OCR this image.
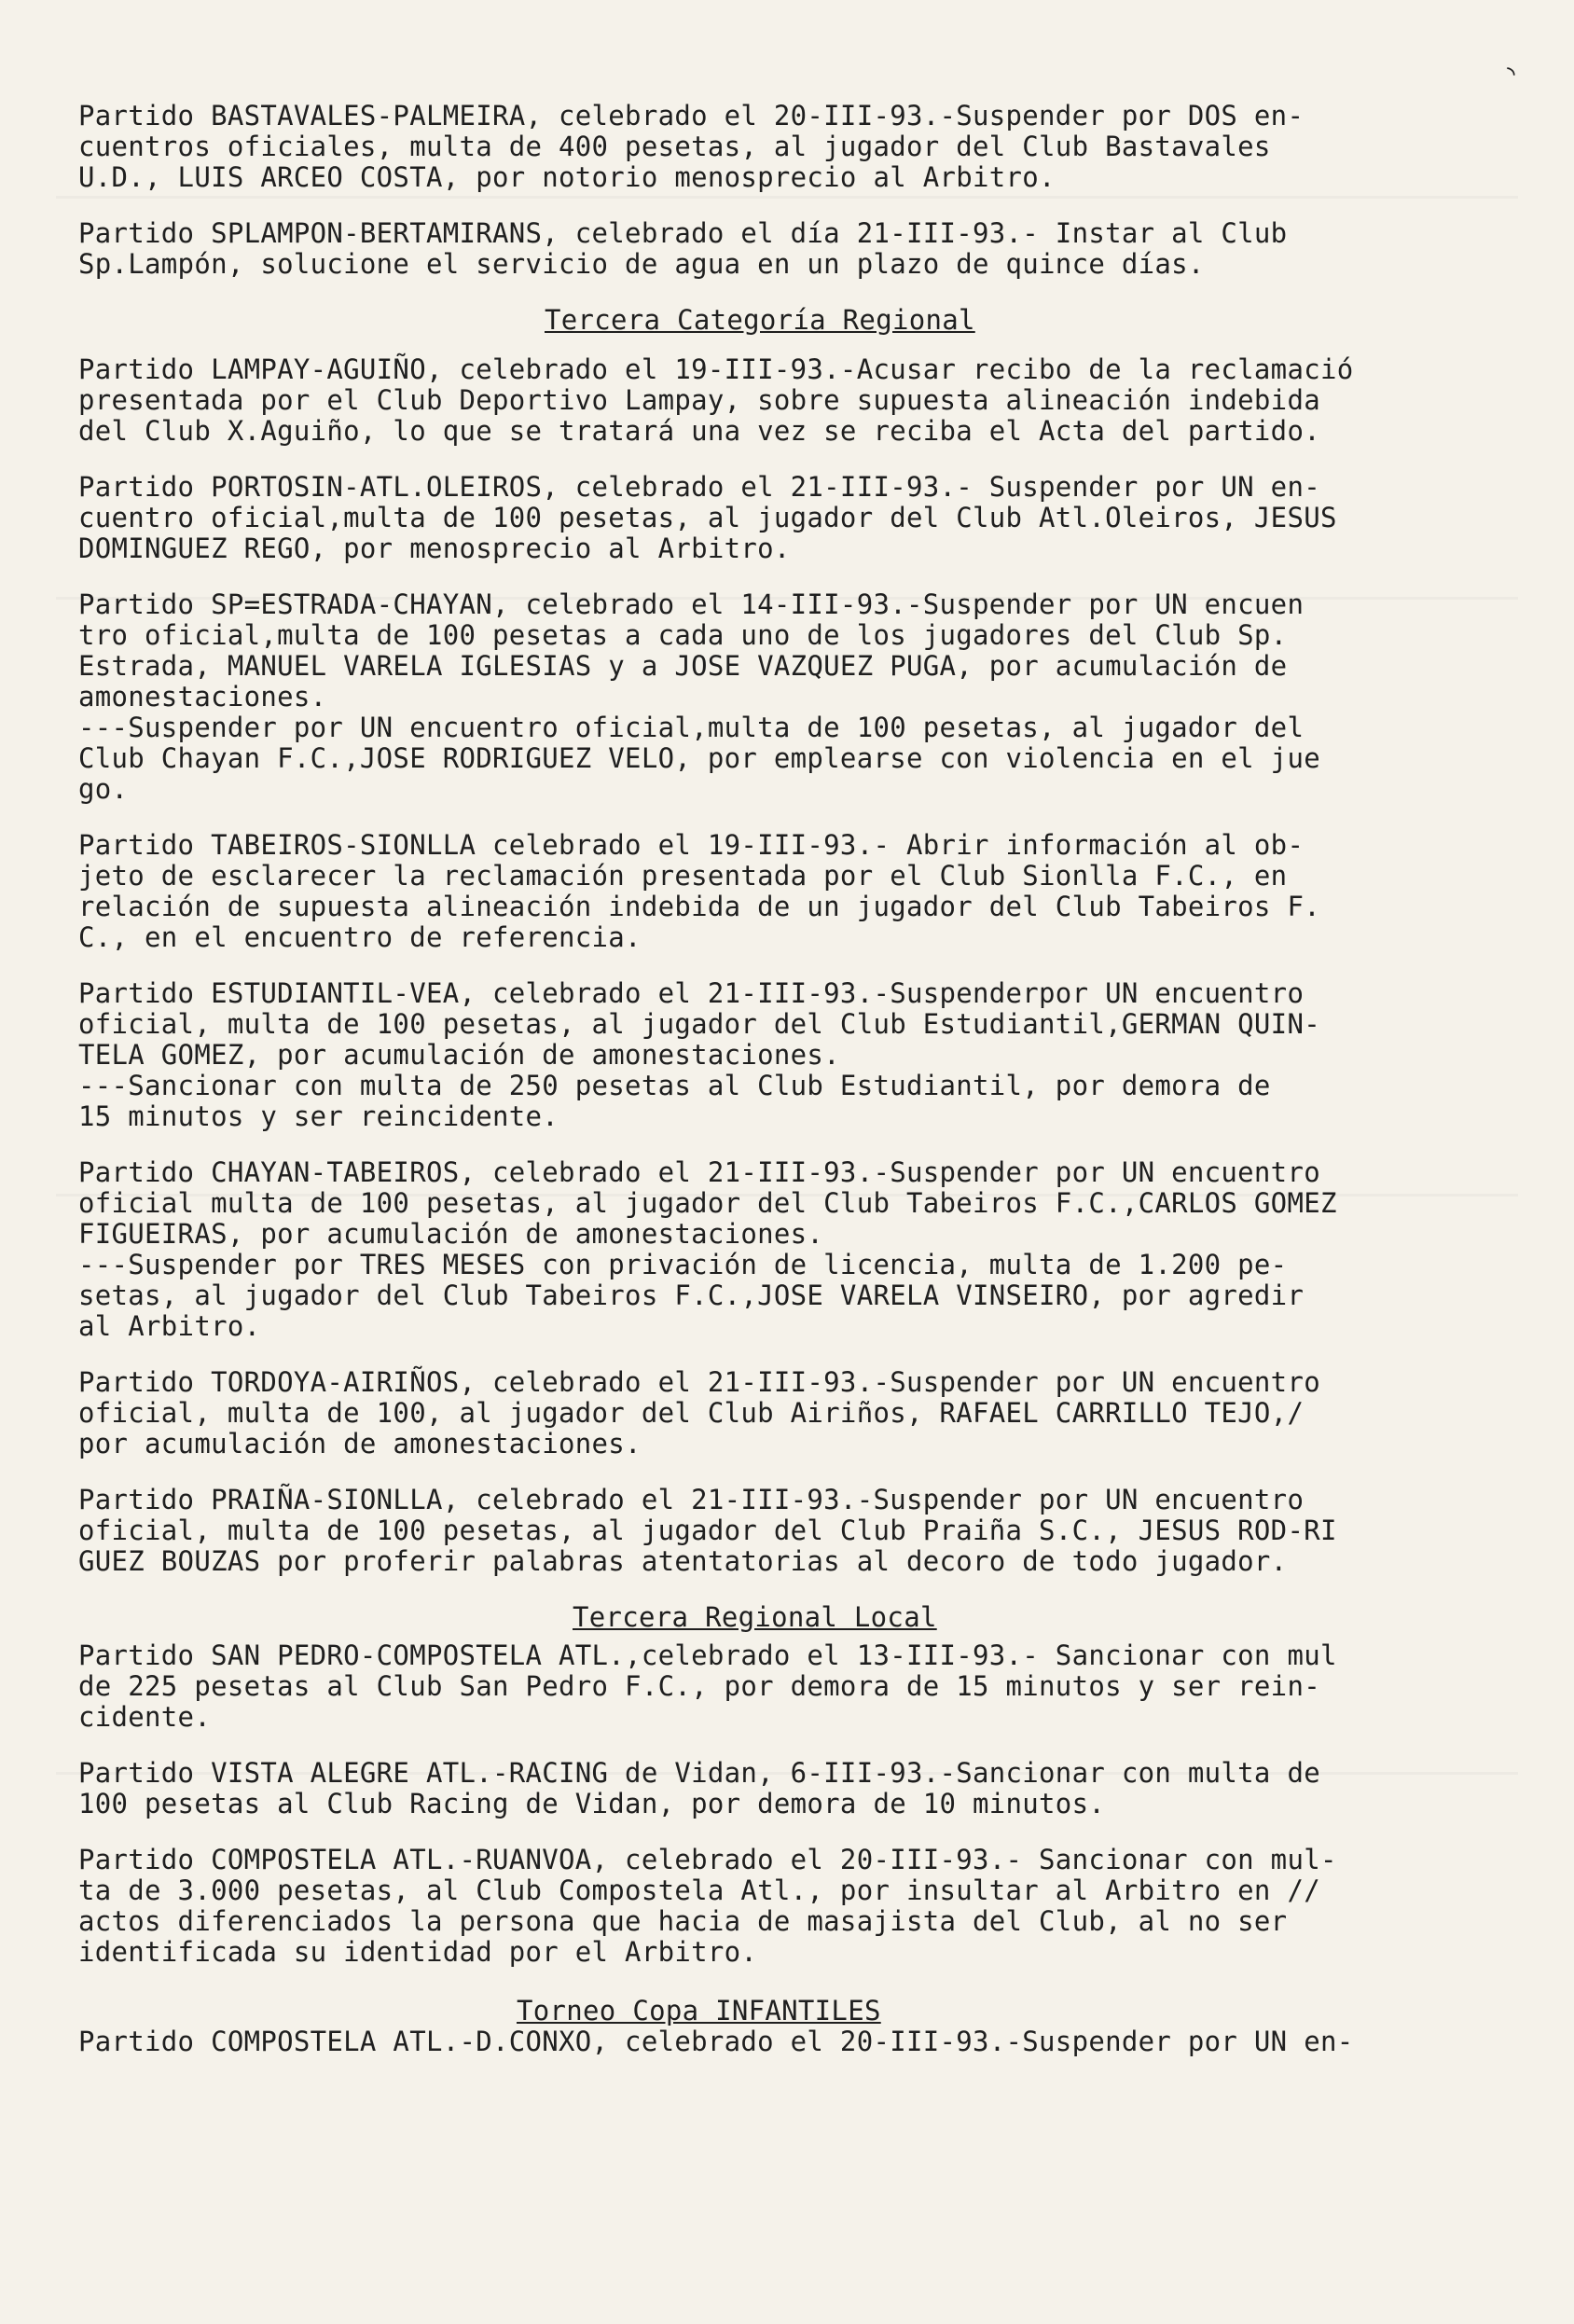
◝
Partido BASTAVALES-PALMEIRA, celebrado el 20-III-93.-Suspender por DOS en-
cuentros oficiales, multa de 400 pesetas, al jugador del Club Bastavales
U.D., LUIS ARCEO COSTA, por notorio menosprecio al Arbitro.
Partido SPLAMPON-BERTAMIRANS, celebrado el día 21-III-93.- Instar al Club
Sp.Lampón, solucione el servicio de agua en un plazo de quince días.
Tercera Categoría Regional
Partido LAMPAY-AGUIÑO, celebrado el 19-III-93.-Acusar recibo de la reclamació
presentada por el Club Deportivo Lampay, sobre supuesta alineación indebida
del Club X.Aguiño, lo que se tratará una vez se reciba el Acta del partido.
Partido PORTOSIN-ATL.OLEIROS, celebrado el 21-III-93.- Suspender por UN en-
cuentro oficial,multa de 100 pesetas, al jugador del Club Atl.Oleiros, JESUS
DOMINGUEZ REGO, por menosprecio al Arbitro.
Partido SP=ESTRADA-CHAYAN, celebrado el 14-III-93.-Suspender por UN encuen
tro oficial,multa de 100 pesetas a cada uno de los jugadores del Club Sp.
Estrada, MANUEL VARELA IGLESIAS y a JOSE VAZQUEZ PUGA, por acumulación de
amonestaciones.
---Suspender por UN encuentro oficial,multa de 100 pesetas, al jugador del
Club Chayan F.C.,JOSE RODRIGUEZ VELO, por emplearse con violencia en el jue
go.
Partido TABEIROS-SIONLLA celebrado el 19-III-93.- Abrir información al ob-
jeto de esclarecer la reclamación presentada por el Club Sionlla F.C., en
relación de supuesta alineación indebida de un jugador del Club Tabeiros F.
C., en el encuentro de referencia.
Partido ESTUDIANTIL-VEA, celebrado el 21-III-93.-Suspenderpor UN encuentro
oficial, multa de 100 pesetas, al jugador del Club Estudiantil,GERMAN QUIN-
TELA GOMEZ, por acumulación de amonestaciones.
---Sancionar con multa de 250 pesetas al Club Estudiantil, por demora de
15 minutos y ser reincidente.
Partido CHAYAN-TABEIROS, celebrado el 21-III-93.-Suspender por UN encuentro
oficial multa de 100 pesetas, al jugador del Club Tabeiros F.C.,CARLOS GOMEZ
FIGUEIRAS, por acumulación de amonestaciones.
---Suspender por TRES MESES con privación de licencia, multa de 1.200 pe-
setas, al jugador del Club Tabeiros F.C.,JOSE VARELA VINSEIRO, por agredir
al Arbitro.
Partido TORDOYA-AIRIÑOS, celebrado el 21-III-93.-Suspender por UN encuentro
oficial, multa de 100, al jugador del Club Airiños, RAFAEL CARRILLO TEJO,/
por acumulación de amonestaciones.
Partido PRAIÑA-SIONLLA, celebrado el 21-III-93.-Suspender por UN encuentro
oficial, multa de 100 pesetas, al jugador del Club Praiña S.C., JESUS ROD-RI
GUEZ BOUZAS por proferir palabras atentatorias al decoro de todo jugador.
Tercera Regional Local
Partido SAN PEDRO-COMPOSTELA ATL.,celebrado el 13-III-93.- Sancionar con mul
de 225 pesetas al Club San Pedro F.C., por demora de 15 minutos y ser rein-
cidente.
Partido VISTA ALEGRE ATL.-RACING de Vidan, 6-III-93.-Sancionar con multa de
100 pesetas al Club Racing de Vidan, por demora de 10 minutos.
Partido COMPOSTELA ATL.-RUANVOA, celebrado el 20-III-93.- Sancionar con mul-
ta de 3.000 pesetas, al Club Compostela Atl., por insultar al Arbitro en //
actos diferenciados la persona que hacia de masajista del Club, al no ser
identificada su identidad por el Arbitro.
Torneo Copa INFANTILES
Partido COMPOSTELA ATL.-D.CONXO, celebrado el 20-III-93.-Suspender por UN en-
